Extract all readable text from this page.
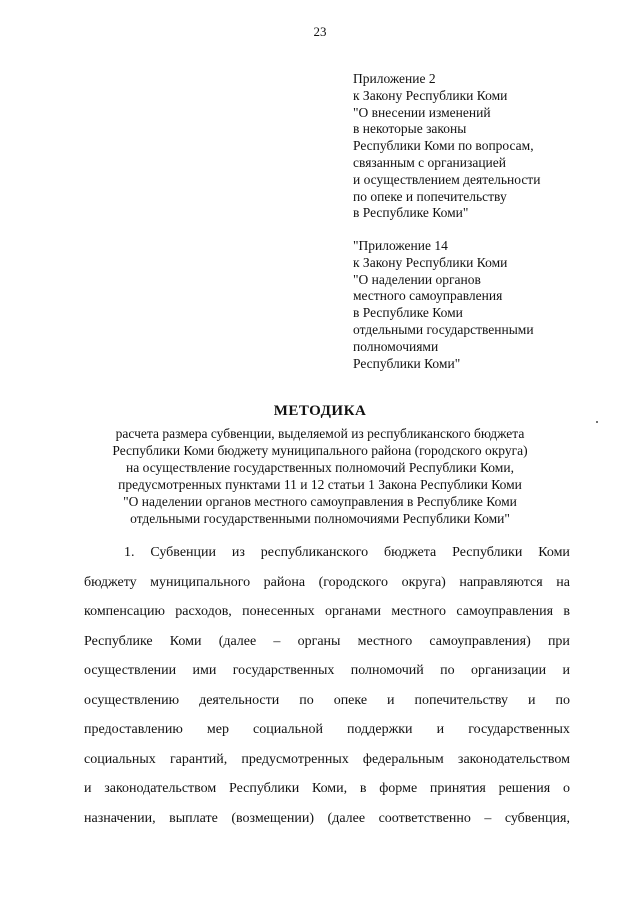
23
Приложение 2
к Закону Республики Коми
"О внесении изменений
в некоторые законы
Республики Коми по вопросам,
связанным с организацией
и осуществлением деятельности
по опеке и попечительству
в Республике Коми"
"Приложение 14
к Закону Республики Коми
"О наделении органов
местного самоуправления
в Республике Коми
отдельными государственными
полномочиями
Республики Коми"
МЕТОДИКА
расчета размера субвенции, выделяемой из республиканского бюджета
Республики Коми бюджету муниципального района (городского округа)
на осуществление государственных полномочий Республики Коми,
предусмотренных пунктами 11 и 12 статьи 1 Закона Республики Коми
"О наделении органов местного самоуправления в Республике Коми
отдельными государственными полномочиями Республики Коми"
1. Субвенции из республиканского бюджета Республики Коми
бюджету муниципального района (городского округа) направляются на
компенсацию расходов, понесенных органами местного самоуправления в
Республике Коми (далее – органы местного самоуправления) при
осуществлении ими государственных полномочий по организации и
осуществлению деятельности по опеке и попечительству и по
предоставлению мер социальной поддержки и государственных
социальных гарантий, предусмотренных федеральным законодательством
и законодательством Республики Коми, в форме принятия решения о
назначении, выплате (возмещении) (далее соответственно – субвенция,
